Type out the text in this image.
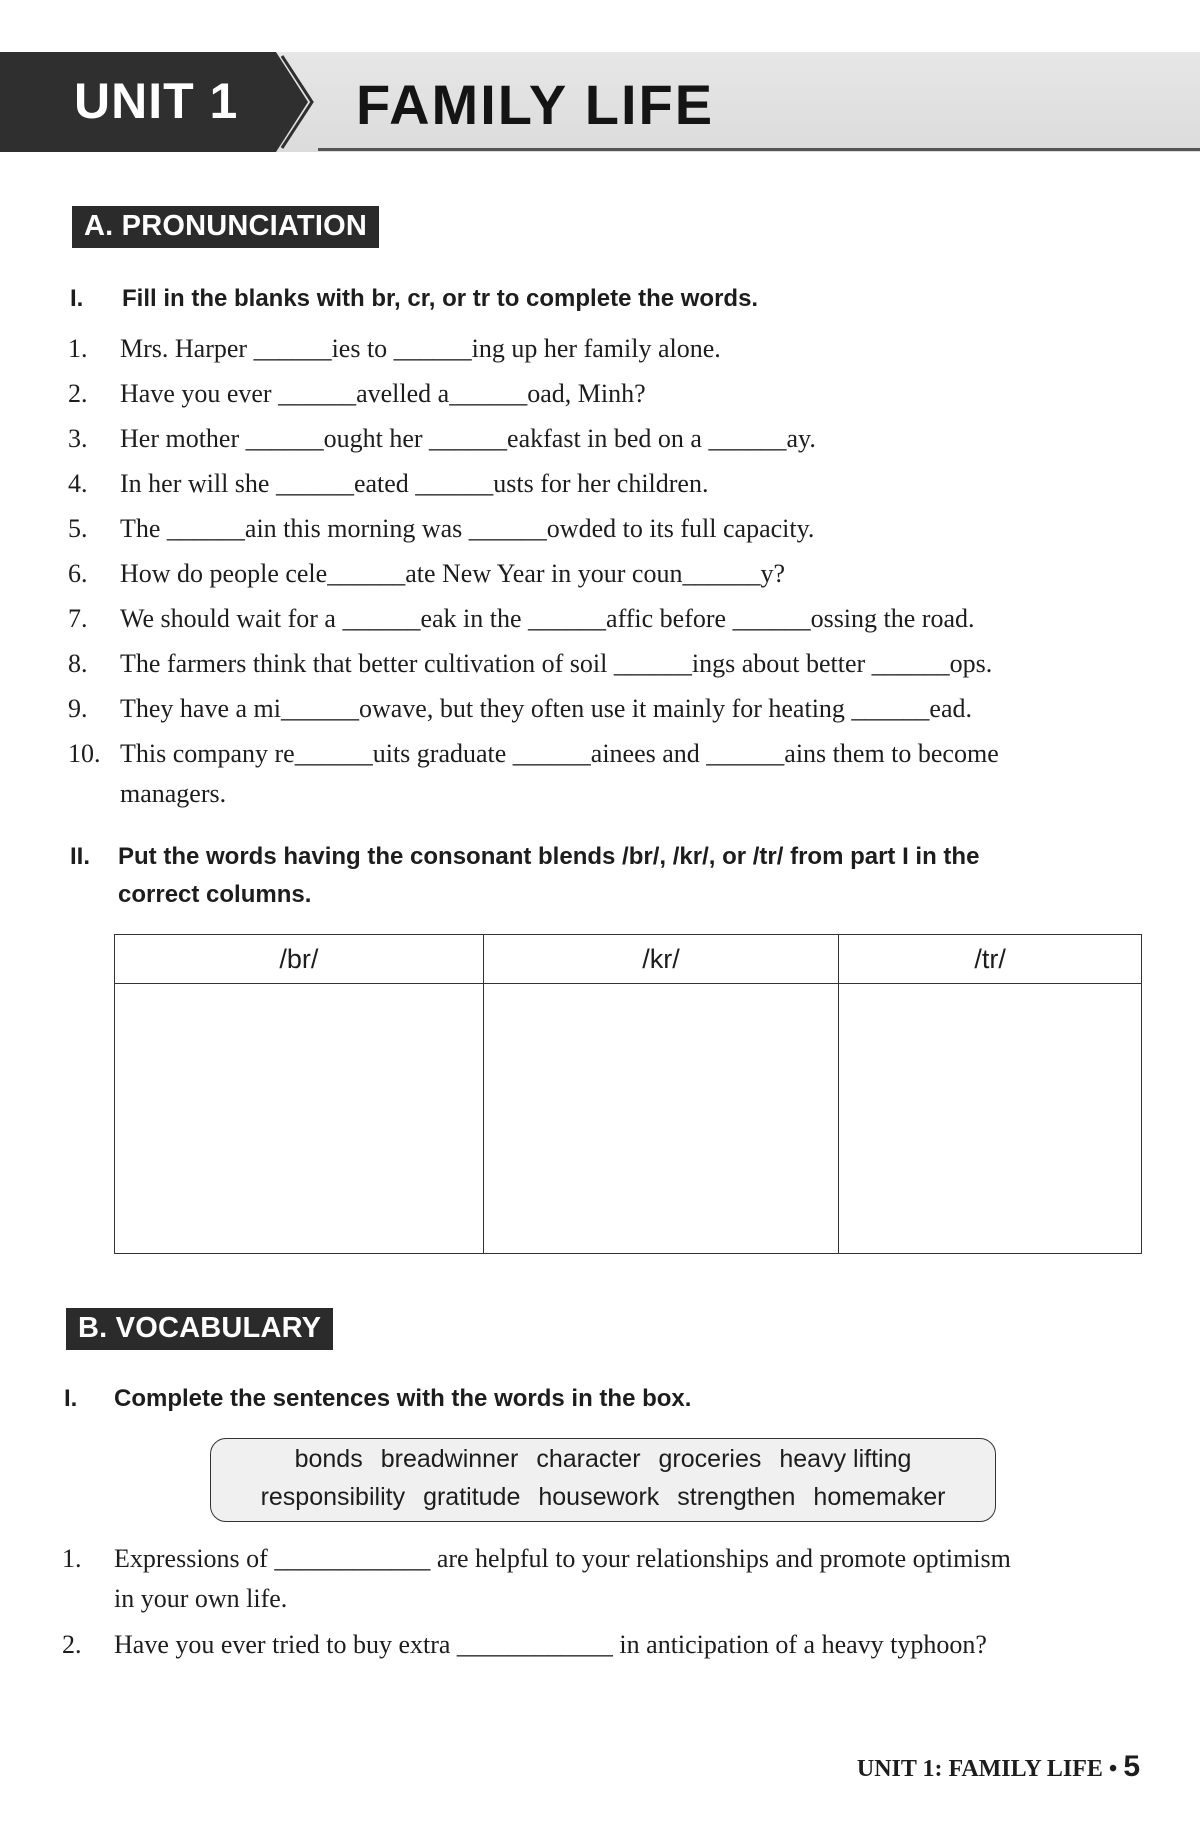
UNIT 1 FAMILY LIFE
A. PRONUNCIATION
I. Fill in the blanks with br, cr, or tr to complete the words.
1. Mrs. Harper ______ies to ______ing up her family alone.
2. Have you ever ______avelled a______oad, Minh?
3. Her mother ______ought her ______eakfast in bed on a ______ay.
4. In her will she ______eated ______usts for her children.
5. The ______ain this morning was ______owded to its full capacity.
6. How do people cele______ate New Year in your coun______y?
7. We should wait for a ______eak in the ______affic before ______ossing the road.
8. The farmers think that better cultivation of soil ______ings about better ______ops.
9. They have a mi______owave, but they often use it mainly for heating ______ead.
10. This company re______uits graduate ______ainees and ______ains them to become
managers.
II. Put the words having the consonant blends /br/, /kr/, or /tr/ from part I in the
correct columns.
/br/	/kr/	/tr/

B. VOCABULARY
I. Complete the sentences with the words in the box.
bonds breadwinner character groceries heavy lifting
responsibility gratitude housework strengthen homemaker
1. Expressions of ____________ are helpful to your relationships and promote optimism
in your own life.
2. Have you ever tried to buy extra ____________ in anticipation of a heavy typhoon?
UNIT 1: FAMILY LIFE • 5
